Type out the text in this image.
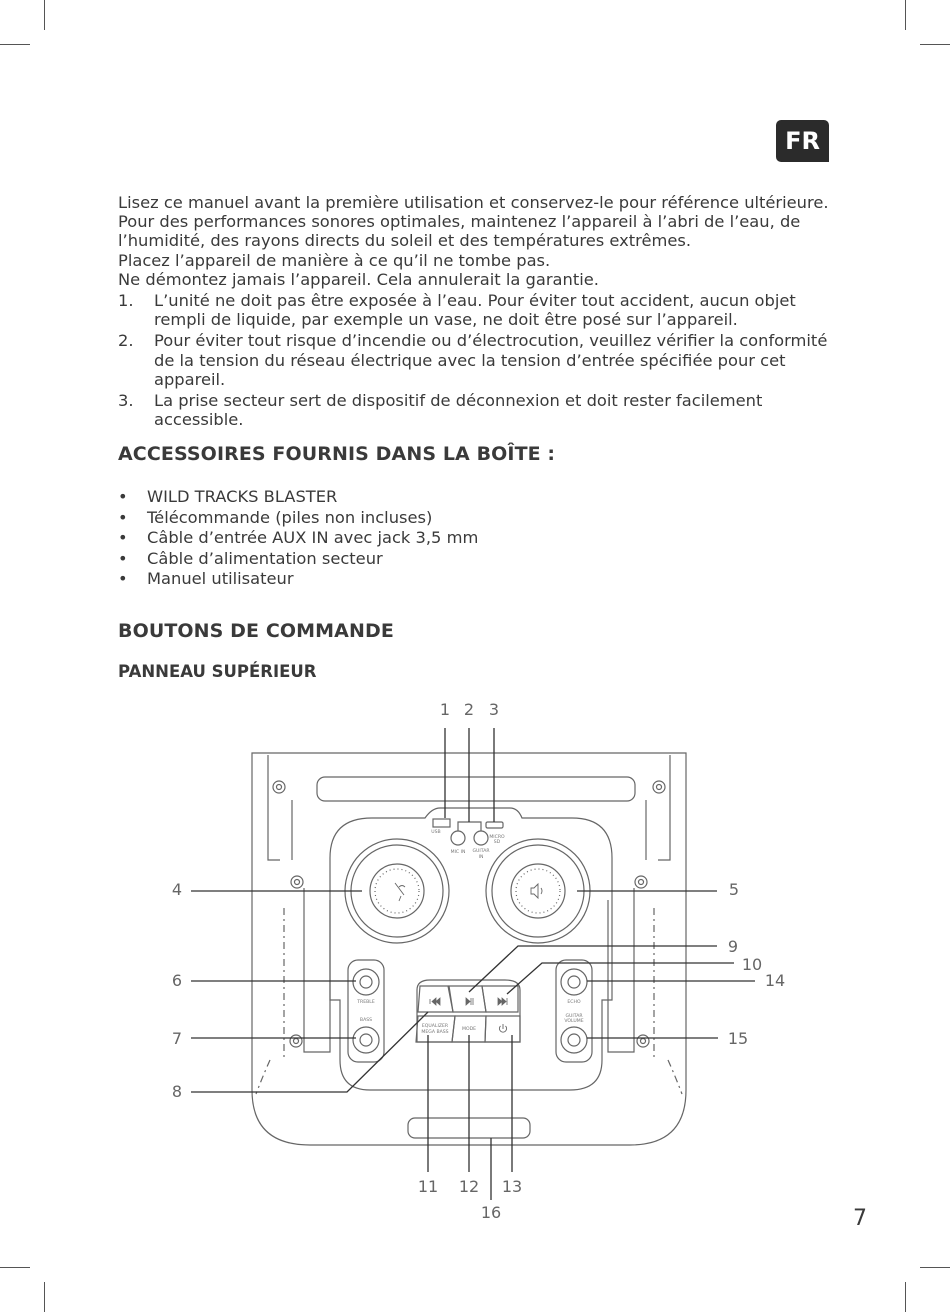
FR

Lisez ce manuel avant la première utilisation et conservez-le pour référence ultérieure.

Pour des performances sonores optimales, maintenez l’appareil à l’abri de l’eau, de l’humidité, des rayons directs du soleil et des températures extrêmes.

Placez l’appareil de manière à ce qu’il ne tombe pas.

Ne démontez jamais l’appareil. Cela annulerait la garantie.

1. L’unité ne doit pas être exposée à l’eau. Pour éviter tout accident, aucun objet rempli de liquide, par exemple un vase, ne doit être posé sur l’appareil.
2. Pour éviter tout risque d’incendie ou d’électrocution, veuillez vérifier la conformité de la tension du réseau électrique avec la tension d’entrée spécifiée pour cet appareil.
3. La prise secteur sert de dispositif de déconnexion et doit rester facilement accessible.
ACCESSOIRES FOURNIS DANS LA BOÎTE :
• WILD TRACKS BLASTER
• Télécommande (piles non incluses)
• Câble d’entrée AUX IN avec jack 3,5 mm
• Câble d’alimentation secteur
• Manuel utilisateur
BOUTONS DE COMMANDE
PANNEAU SUPÉRIEUR
USB
MIC IN GUITAR
IN
MICRO
SD
TREBLE
BASS
ECHO
GUITAR
VOLUME
EQUALIZER
MEGA BASS
MODE
1 2 3
4	5
6
7
8
9
10
11 12 13
14
15
16	7
